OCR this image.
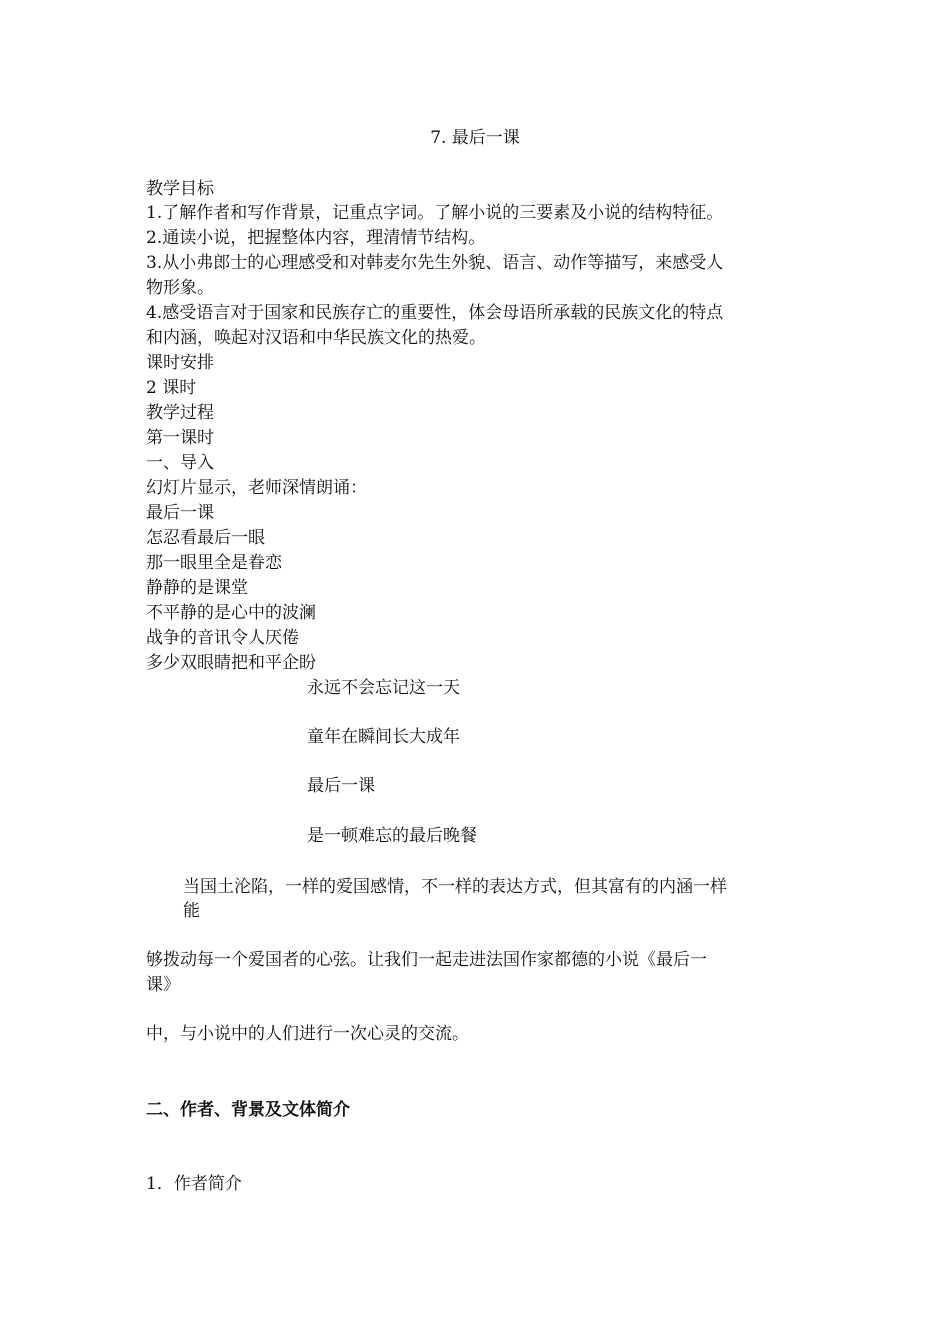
7. 最后一课
教学目标
1.了解作者和写作背景，记重点字词。了解小说的三要素及小说的结构特征。
2.通读小说，把握整体内容，理清情节结构。
3.从小弗郎士的心理感受和对韩麦尔先生外貌、语言、动作等描写，来感受人
物形象。
4.感受语言对于国家和民族存亡的重要性，体会母语所承载的民族文化的特点
和内涵，唤起对汉语和中华民族文化的热爱。
课时安排
2 课时
教学过程
第一课时
一、导入
幻灯片显示，老师深情朗诵：
最后一课
怎忍看最后一眼
那一眼里全是眷恋
静静的是课堂
不平静的是心中的波澜
战争的音讯令人厌倦
多少双眼睛把和平企盼
永远不会忘记这一天
童年在瞬间长大成年
最后一课
是一顿难忘的最后晚餐
当国土沦陷，一样的爱国感情，不一样的表达方式，但其富有的内涵一样
能
够拨动每一个爱国者的心弦。让我们一起走进法国作家都德的小说《最后一
课》
中，与小说中的人们进行一次心灵的交流。
二、作者、背景及文体简介
1．作者简介
